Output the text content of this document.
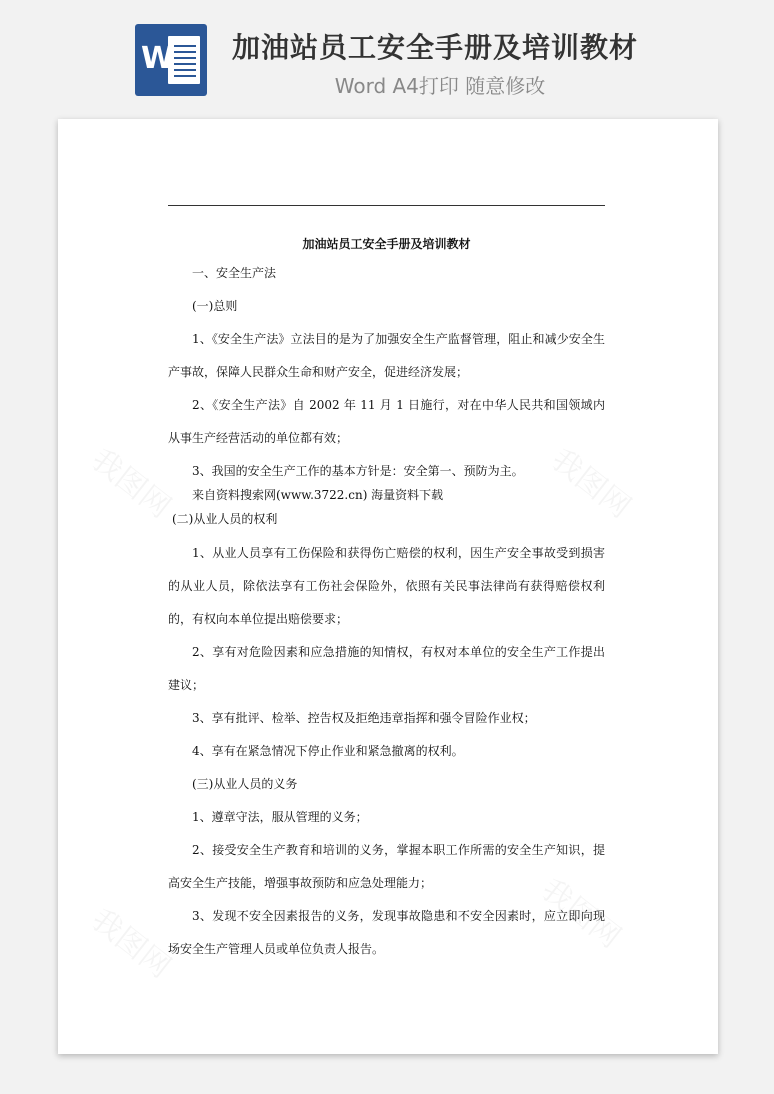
W 加油站员工安全手册及培训教材
Word A4打印 随意修改
加油站员工安全手册及培训教材

一、安全生产法

(一)总则

1、《安全生产法》立法目的是为了加强安全生产监督管理，阻止和减少安全生产事故，保障人民群众生命和财产安全，促进经济发展；

2、《安全生产法》自 2002 年 11 月 1 日施行，对在中华人民共和国领域内从事生产经营活动的单位都有效；

3、我国的安全生产工作的基本方针是：安全第一、预防为主。

来自资料搜索网(www.3722.cn) 海量资料下载

(二)从业人员的权利

1、从业人员享有工伤保险和获得伤亡赔偿的权利，因生产安全事故受到损害的从业人员，除依法享有工伤社会保险外，依照有关民事法律尚有获得赔偿权利的，有权向本单位提出赔偿要求；

2、享有对危险因素和应急措施的知情权，有权对本单位的安全生产工作提出建议；

3、享有批评、检举、控告权及拒绝违章指挥和强令冒险作业权；

4、享有在紧急情况下停止作业和紧急撤离的权利。

(三)从业人员的义务

1、遵章守法，服从管理的义务；

2、接受安全生产教育和培训的义务，掌握本职工作所需的安全生产知识，提高安全生产技能，增强事故预防和应急处理能力；

3、发现不安全因素报告的义务，发现事故隐患和不安全因素时，应立即向现场安全生产管理人员或单位负责人报告。
